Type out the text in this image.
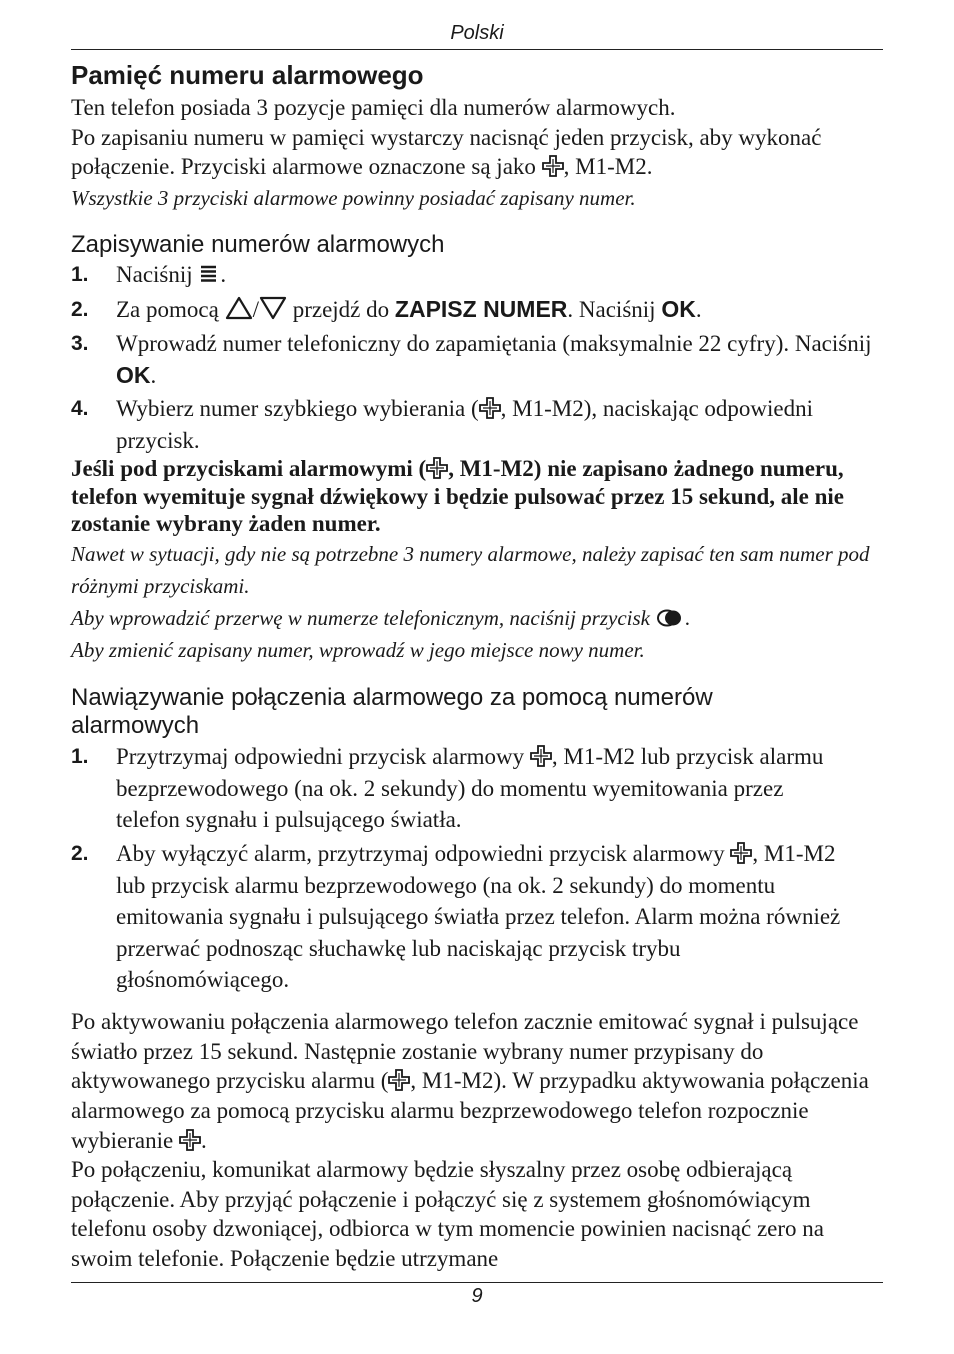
Polski
Pamięć numeru alarmowego
Ten telefon posiada 3 pozycje pamięci dla numerów alarmowych.
Po zapisaniu numeru w pamięci wystarczy nacisnąć jeden przycisk, aby wykonać połączenie. Przyciski alarmowe oznaczone są jako , M1-M2.
Wszystkie 3 przyciski alarmowe powinny posiadać zapisany numer.
Zapisywanie numerów alarmowych
1. Naciśnij .
2. Za pomocą / przejdź do ZAPISZ NUMER. Naciśnij OK.
3. Wprowadź numer telefoniczny do zapamiętania (maksymalnie 22 cyfry). Naciśnij OK.
4. Wybierz numer szybkiego wybierania ( , M1-M2), naciskając odpowiedni przycisk.
Jeśli pod przyciskami alarmowymi ( , M1-M2) nie zapisano żadnego numeru, telefon wyemituje sygnał dźwiękowy i będzie pulsować przez 15 sekund, ale nie zostanie wybrany żaden numer.
Nawet w sytuacji, gdy nie są potrzebne 3 numery alarmowe, należy zapisać ten sam numer pod różnymi przyciskami.
Aby wprowadzić przerwę w numerze telefonicznym, naciśnij przycisk .
Aby zmienić zapisany numer, wprowadź w jego miejsce nowy numer.
Nawiązywanie połączenia alarmowego za pomocą numerów alarmowych
1. Przytrzymaj odpowiedni przycisk alarmowy , M1-M2 lub przycisk alarmu bezprzewodowego (na ok. 2 sekundy) do momentu wyemitowania przez telefon sygnału i pulsującego światła.
2. Aby wyłączyć alarm, przytrzymaj odpowiedni przycisk alarmowy , M1-M2 lub przycisk alarmu bezprzewodowego (na ok. 2 sekundy) do momentu emitowania sygnału i pulsującego światła przez telefon. Alarm można również przerwać podnosząc słuchawkę lub naciskając przycisk trybu głośnomówiącego.
Po aktywowaniu połączenia alarmowego telefon zacznie emitować sygnał i pulsujące światło przez 15 sekund. Następnie zostanie wybrany numer przypisany do aktywowanego przycisku alarmu ( , M1-M2). W przypadku aktywowania połączenia alarmowego za pomocą przycisku alarmu bezprzewodowego telefon rozpocznie wybieranie .
Po połączeniu, komunikat alarmowy będzie słyszalny przez osobę odbierającą połączenie. Aby przyjąć połączenie i połączyć się z systemem głośnomówiącym telefonu osoby dzwoniącej, odbiorca w tym momencie powinien nacisnąć zero na swoim telefonie. Połączenie będzie utrzymane
9
